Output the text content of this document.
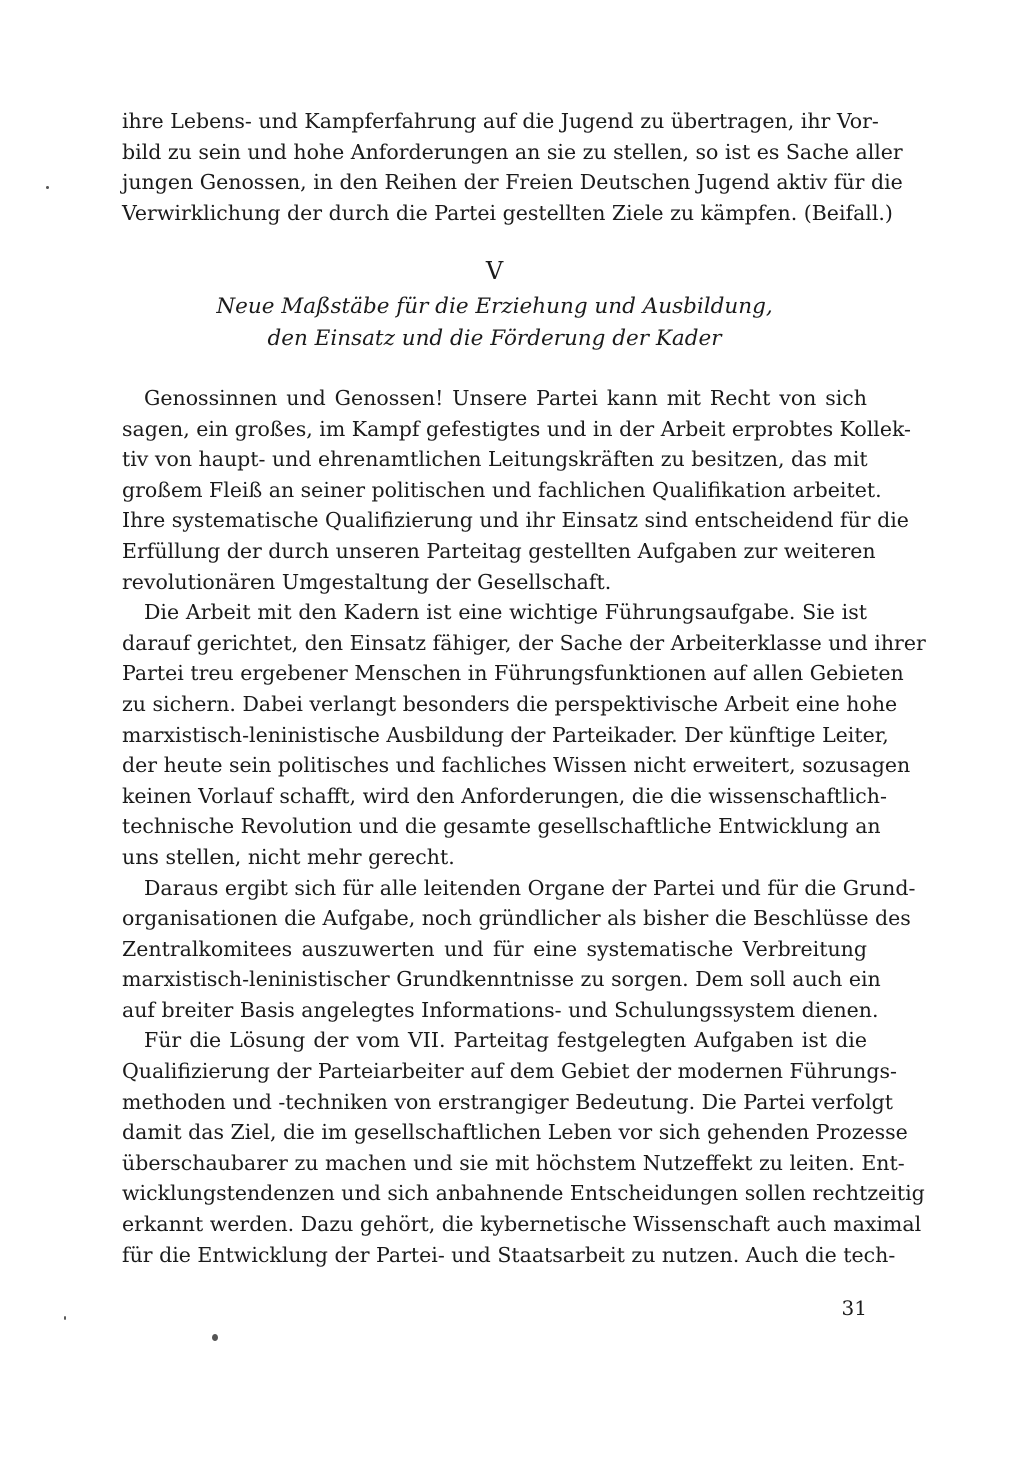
ihre Lebens- und Kampferfahrung auf die Jugend zu übertragen, ihr Vor-
bild zu sein und hohe Anforderungen an sie zu stellen, so ist es Sache aller
jungen Genossen, in den Reihen der Freien Deutschen Jugend aktiv für die
Verwirklichung der durch die Partei gestellten Ziele zu kämpfen. (Beifall.)
V
Neue Maßstäbe für die Erziehung und Ausbildung,
den Einsatz und die Förderung der Kader
Genossinnen und Genossen! Unsere Partei kann mit Recht von sich
sagen, ein großes, im Kampf gefestigtes und in der Arbeit erprobtes Kollek-
tiv von haupt- und ehrenamtlichen Leitungskräften zu besitzen, das mit
großem Fleiß an seiner politischen und fachlichen Qualifikation arbeitet.
Ihre systematische Qualifizierung und ihr Einsatz sind entscheidend für die
Erfüllung der durch unseren Parteitag gestellten Aufgaben zur weiteren
revolutionären Umgestaltung der Gesellschaft.
Die Arbeit mit den Kadern ist eine wichtige Führungsaufgabe. Sie ist
darauf gerichtet, den Einsatz fähiger, der Sache der Arbeiterklasse und ihrer
Partei treu ergebener Menschen in Führungsfunktionen auf allen Gebieten
zu sichern. Dabei verlangt besonders die perspektivische Arbeit eine hohe
marxistisch-leninistische Ausbildung der Parteikader. Der künftige Leiter,
der heute sein politisches und fachliches Wissen nicht erweitert, sozusagen
keinen Vorlauf schafft, wird den Anforderungen, die die wissenschaftlich-
technische Revolution und die gesamte gesellschaftliche Entwicklung an
uns stellen, nicht mehr gerecht.
Daraus ergibt sich für alle leitenden Organe der Partei und für die Grund-
organisationen die Aufgabe, noch gründlicher als bisher die Beschlüsse des
Zentralkomitees auszuwerten und für eine systematische Verbreitung
marxistisch-leninistischer Grundkenntnisse zu sorgen. Dem soll auch ein
auf breiter Basis angelegtes Informations- und Schulungssystem dienen.
Für die Lösung der vom VII. Parteitag festgelegten Aufgaben ist die
Qualifizierung der Parteiarbeiter auf dem Gebiet der modernen Führungs-
methoden und -techniken von erstrangiger Bedeutung. Die Partei verfolgt
damit das Ziel, die im gesellschaftlichen Leben vor sich gehenden Prozesse
überschaubarer zu machen und sie mit höchstem Nutzeffekt zu leiten. Ent-
wicklungstendenzen und sich anbahnende Entscheidungen sollen rechtzeitig
erkannt werden. Dazu gehört, die kybernetische Wissenschaft auch maximal
für die Entwicklung der Partei- und Staatsarbeit zu nutzen. Auch die tech-
31
